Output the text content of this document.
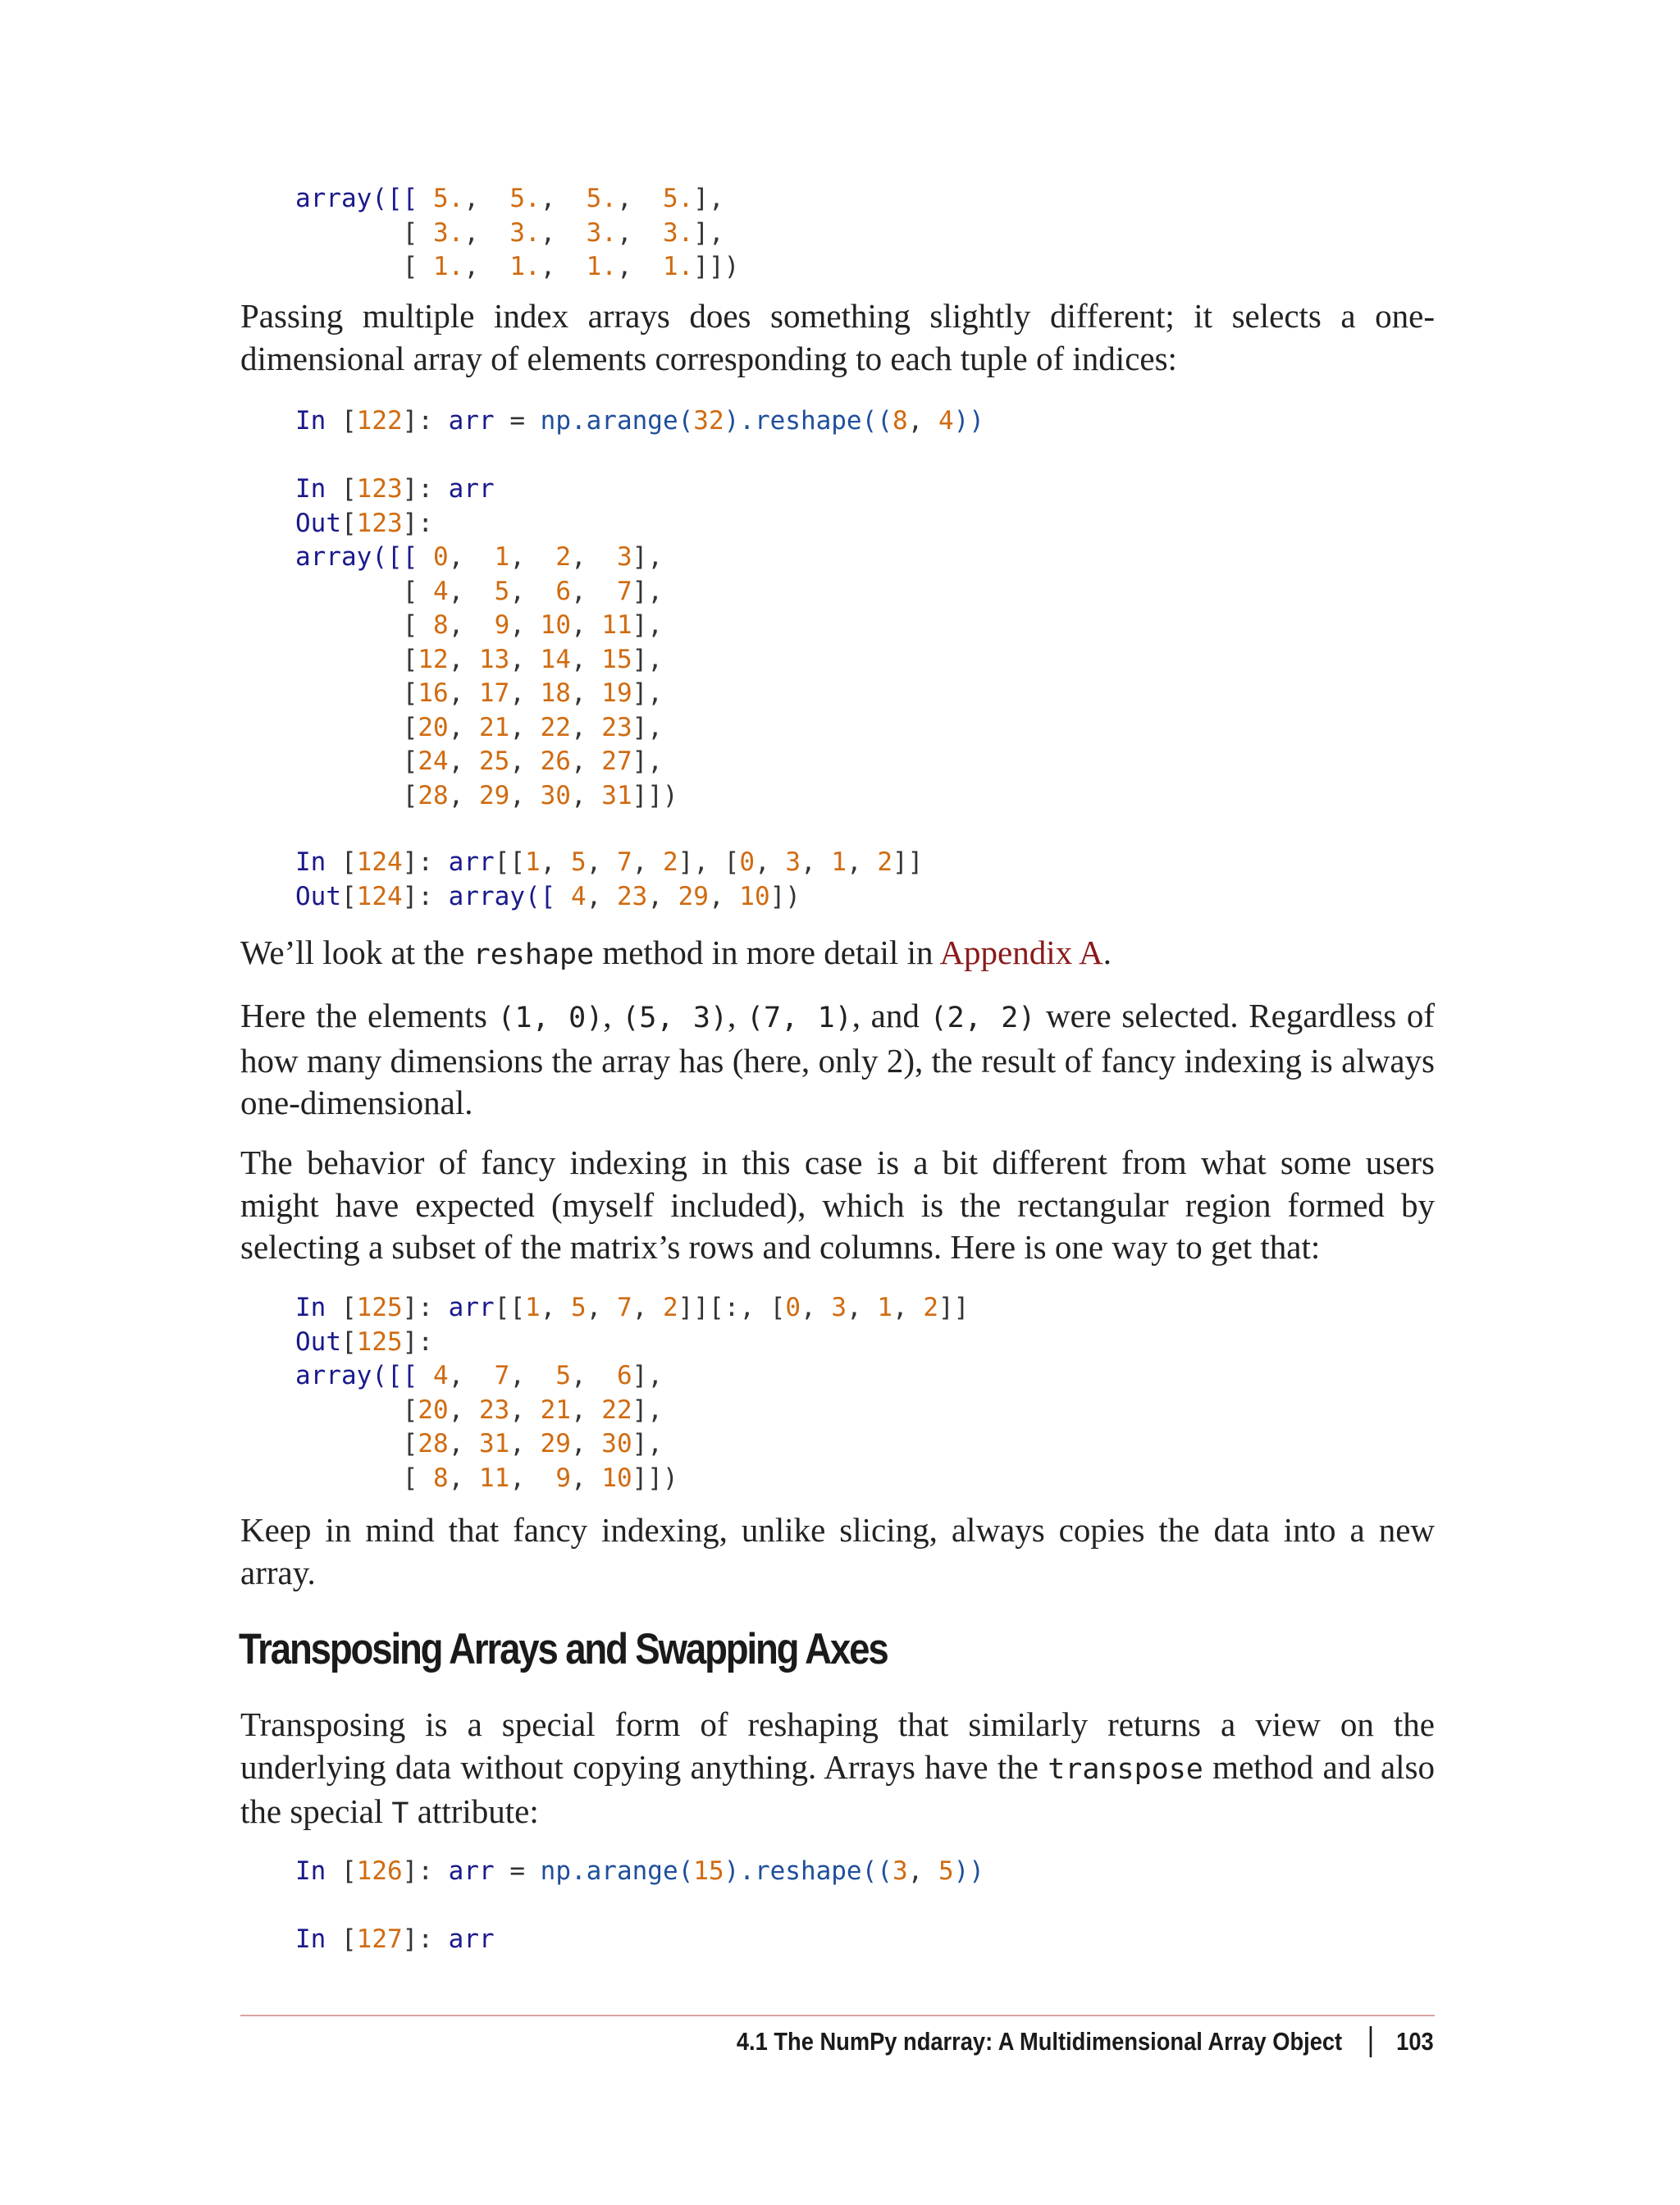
array([[ 5.,  5.,  5.,  5.],
[ 3.,  3.,  3.,  3.],
[ 1.,  1.,  1.,  1.]])

Passing multiple index arrays does something slightly different; it selects a one-dimensional array of elements corresponding to each tuple of indices:

In [122]: arr = np.arange(32).reshape((8, 4))
In [123]: arr
Out[123]:
array([[ 0,  1,  2,  3],
[ 4,  5,  6,  7],
[ 8,  9, 10, 11],
[12, 13, 14, 15],
[16, 17, 18, 19],
[20, 21, 22, 23],
[24, 25, 26, 27],
[28, 29, 30, 31]])
In [124]: arr[[1, 5, 7, 2], [0, 3, 1, 2]]
Out[124]: array([ 4, 23, 29, 10])

We’ll look at the reshape method in more detail in Appendix A.

Here the elements (1, 0), (5, 3), (7, 1), and (2, 2) were selected. Regardless of how many dimensions the array has (here, only 2), the result of fancy indexing is always one-dimensional.

The behavior of fancy indexing in this case is a bit different from what some users might have expected (myself included), which is the rectangular region formed by selecting a subset of the matrix’s rows and columns. Here is one way to get that:

In [125]: arr[[1, 5, 7, 2]][:, [0, 3, 1, 2]]
Out[125]:
array([[ 4,  7,  5,  6],
[20, 23, 21, 22],
[28, 31, 29, 30],
[ 8, 11,  9, 10]])

Keep in mind that fancy indexing, unlike slicing, always copies the data into a new array.

Transposing Arrays and Swapping Axes

Transposing is a special form of reshaping that similarly returns a view on the underlying data without copying anything. Arrays have the transpose method and also the special T attribute:

In [126]: arr = np.arange(15).reshape((3, 5))
In [127]: arr
4.1 The NumPy ndarray: A Multidimensional Array Object 103
